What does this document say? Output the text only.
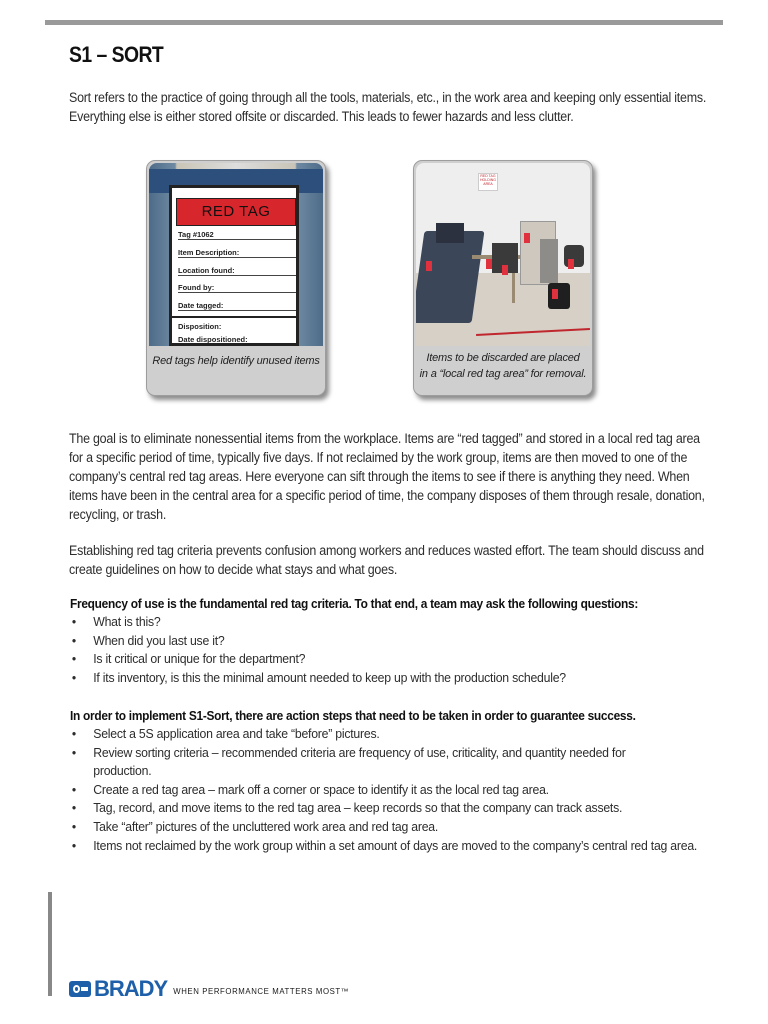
S1 – SORT

Sort refers to the practice of going through all the tools, materials, etc., in the work area and keeping only essential items. Everything else is either stored offsite or discarded. This leads to fewer hazards and less clutter.

RED TAG
Tag #1062
Item Description:
Location found:
Found by:
Date tagged:
Disposition:
Date dispositioned:

Red tags help identify unused items

RED TAG HOLDING AREA

Items to be discarded are placed
in a “local red tag area” for removal.

The goal is to eliminate nonessential items from the workplace. Items are “red tagged” and stored in a local red tag area for a specific period of time, typically five days. If not reclaimed by the work group, items are then moved to one of the company’s central red tag areas. Here everyone can sift through the items to see if there is anything they need. When items have been in the central area for a specific period of time, the company disposes of them through resale, donation, recycling, or trash.

Establishing red tag criteria prevents confusion among workers and reduces wasted effort. The team should discuss and create guidelines on how to decide what stays and what goes.

Frequency of use is the fundamental red tag criteria. To that end, a team may ask the following questions:

• What is this?
• When did you last use it?
• Is it critical or unique for the department?
• If its inventory, is this the minimal amount needed to keep up with the production schedule?

In order to implement S1-Sort, there are action steps that need to be taken in order to guarantee success.

• Select a 5S application area and take “before” pictures.
• Review sorting criteria – recommended criteria are frequency of use, criticality, and quantity needed for production.
• Create a red tag area – mark off a corner or space to identify it as the local red tag area.
• Tag, record, and move items to the red tag area – keep records so that the company can track assets.
• Take “after” pictures of the uncluttered work area and red tag area.
• Items not reclaimed by the work group within a set amount of days are moved to the company’s central red tag area.
BRADY WHEN PERFORMANCE MATTERS MOST™
